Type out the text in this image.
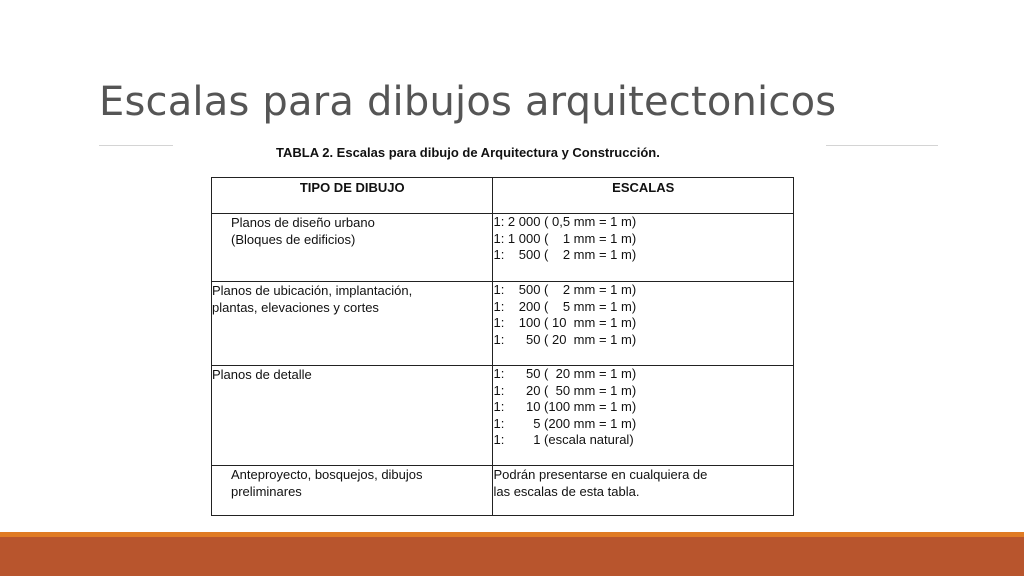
Escalas para dibujos arquitectonicos
TABLA 2. Escalas para dibujo de Arquitectura y Construcción.
TIPO DE DIBUJO	ESCALAS

Planos de diseño urbano
(Bloques de edificios)	1: 2 000 ( 0,5 mm = 1 m)
1: 1 000 (    1 mm = 1 m)
1:    500 (    2 mm = 1 m)

Planos de ubicación, implantación,
plantas, elevaciones y cortes	1:    500 (    2 mm = 1 m)
1:    200 (    5 mm = 1 m)
1:    100 ( 10  mm = 1 m)
1:      50 ( 20  mm = 1 m)

Planos de detalle	1:      50 (  20 mm = 1 m)
1:      20 (  50 mm = 1 m)
1:      10 (100 mm = 1 m)
1:        5 (200 mm = 1 m)
1:        1 (escala natural)

Anteproyecto, bosquejos, dibujos
preliminares	Podrán presentarse en cualquiera de
las escalas de esta tabla.
